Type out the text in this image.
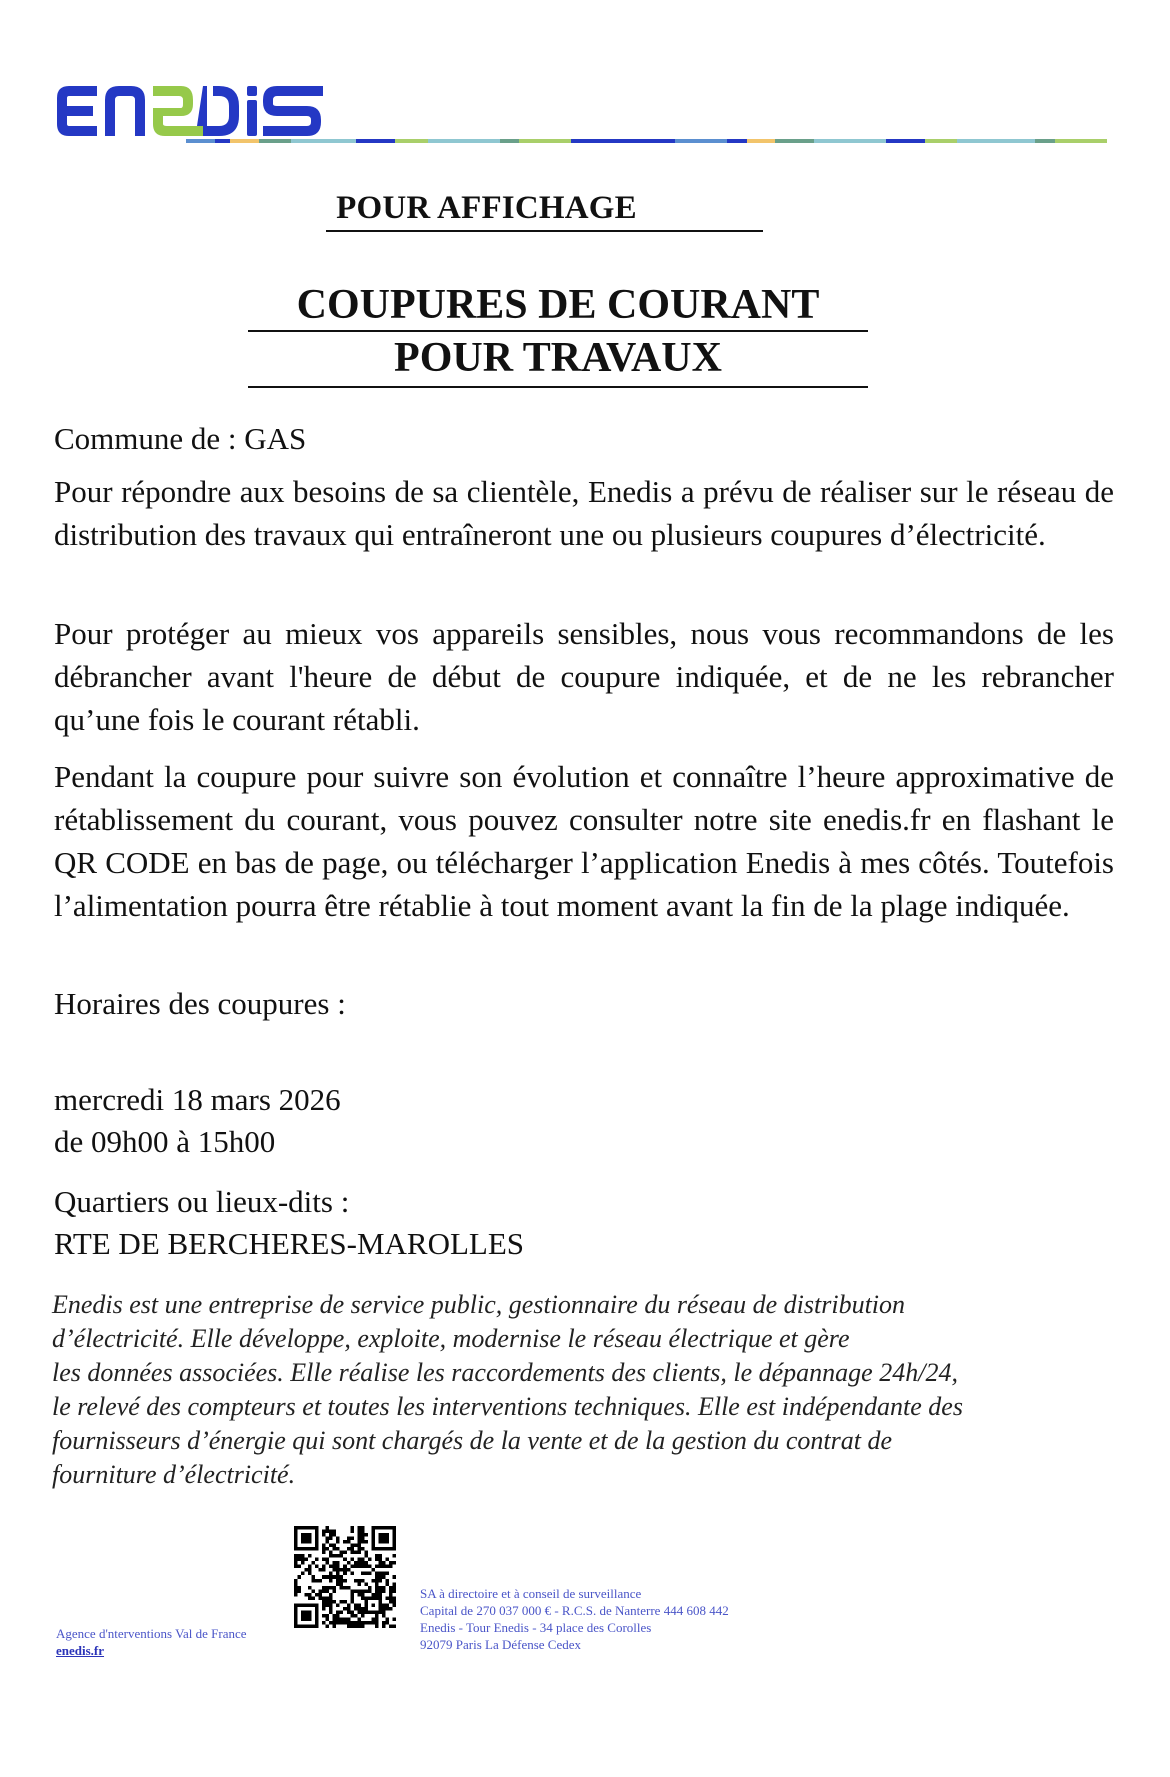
POUR AFFICHAGE
COUPURES DE COURANT
POUR TRAVAUX
Commune de : GAS
Pour répondre aux besoins de sa clientèle, Enedis a prévu de réaliser sur le réseau de distribution des travaux qui entraîneront une ou plusieurs coupures d’électricité.
Pour protéger au mieux vos appareils sensibles, nous vous recommandons de les débrancher avant l'heure de début de coupure indiquée, et de ne les rebrancher qu’une fois le courant rétabli.
Pendant la coupure pour suivre son évolution et connaître l’heure approximative de rétablissement du courant, vous pouvez consulter notre site enedis.fr en flashant le QR CODE en bas de page, ou télécharger l’application Enedis à mes côtés. Toutefois l’alimentation pourra être rétablie à tout moment avant la fin de la plage indiquée.
Horaires des coupures :
mercredi 18 mars 2026
de 09h00 à 15h00
Quartiers ou lieux-dits :
RTE DE BERCHERES-MAROLLES
Enedis est une entreprise de service public, gestionnaire du réseau de distribution
d’électricité. Elle développe, exploite, modernise le réseau électrique et gère
les données associées. Elle réalise les raccordements des clients, le dépannage 24h/24,
le relevé des compteurs et toutes les interventions techniques. Elle est indépendante des
fournisseurs d’énergie qui sont chargés de la vente et de la gestion du contrat de
fourniture d’électricité.
Agence d'nterventions Val de France
enedis.fr
SA à directoire et à conseil de surveillance
Capital de 270 037 000 € - R.C.S. de Nanterre 444 608 442
Enedis - Tour Enedis - 34 place des Corolles
92079 Paris La Défense Cedex
